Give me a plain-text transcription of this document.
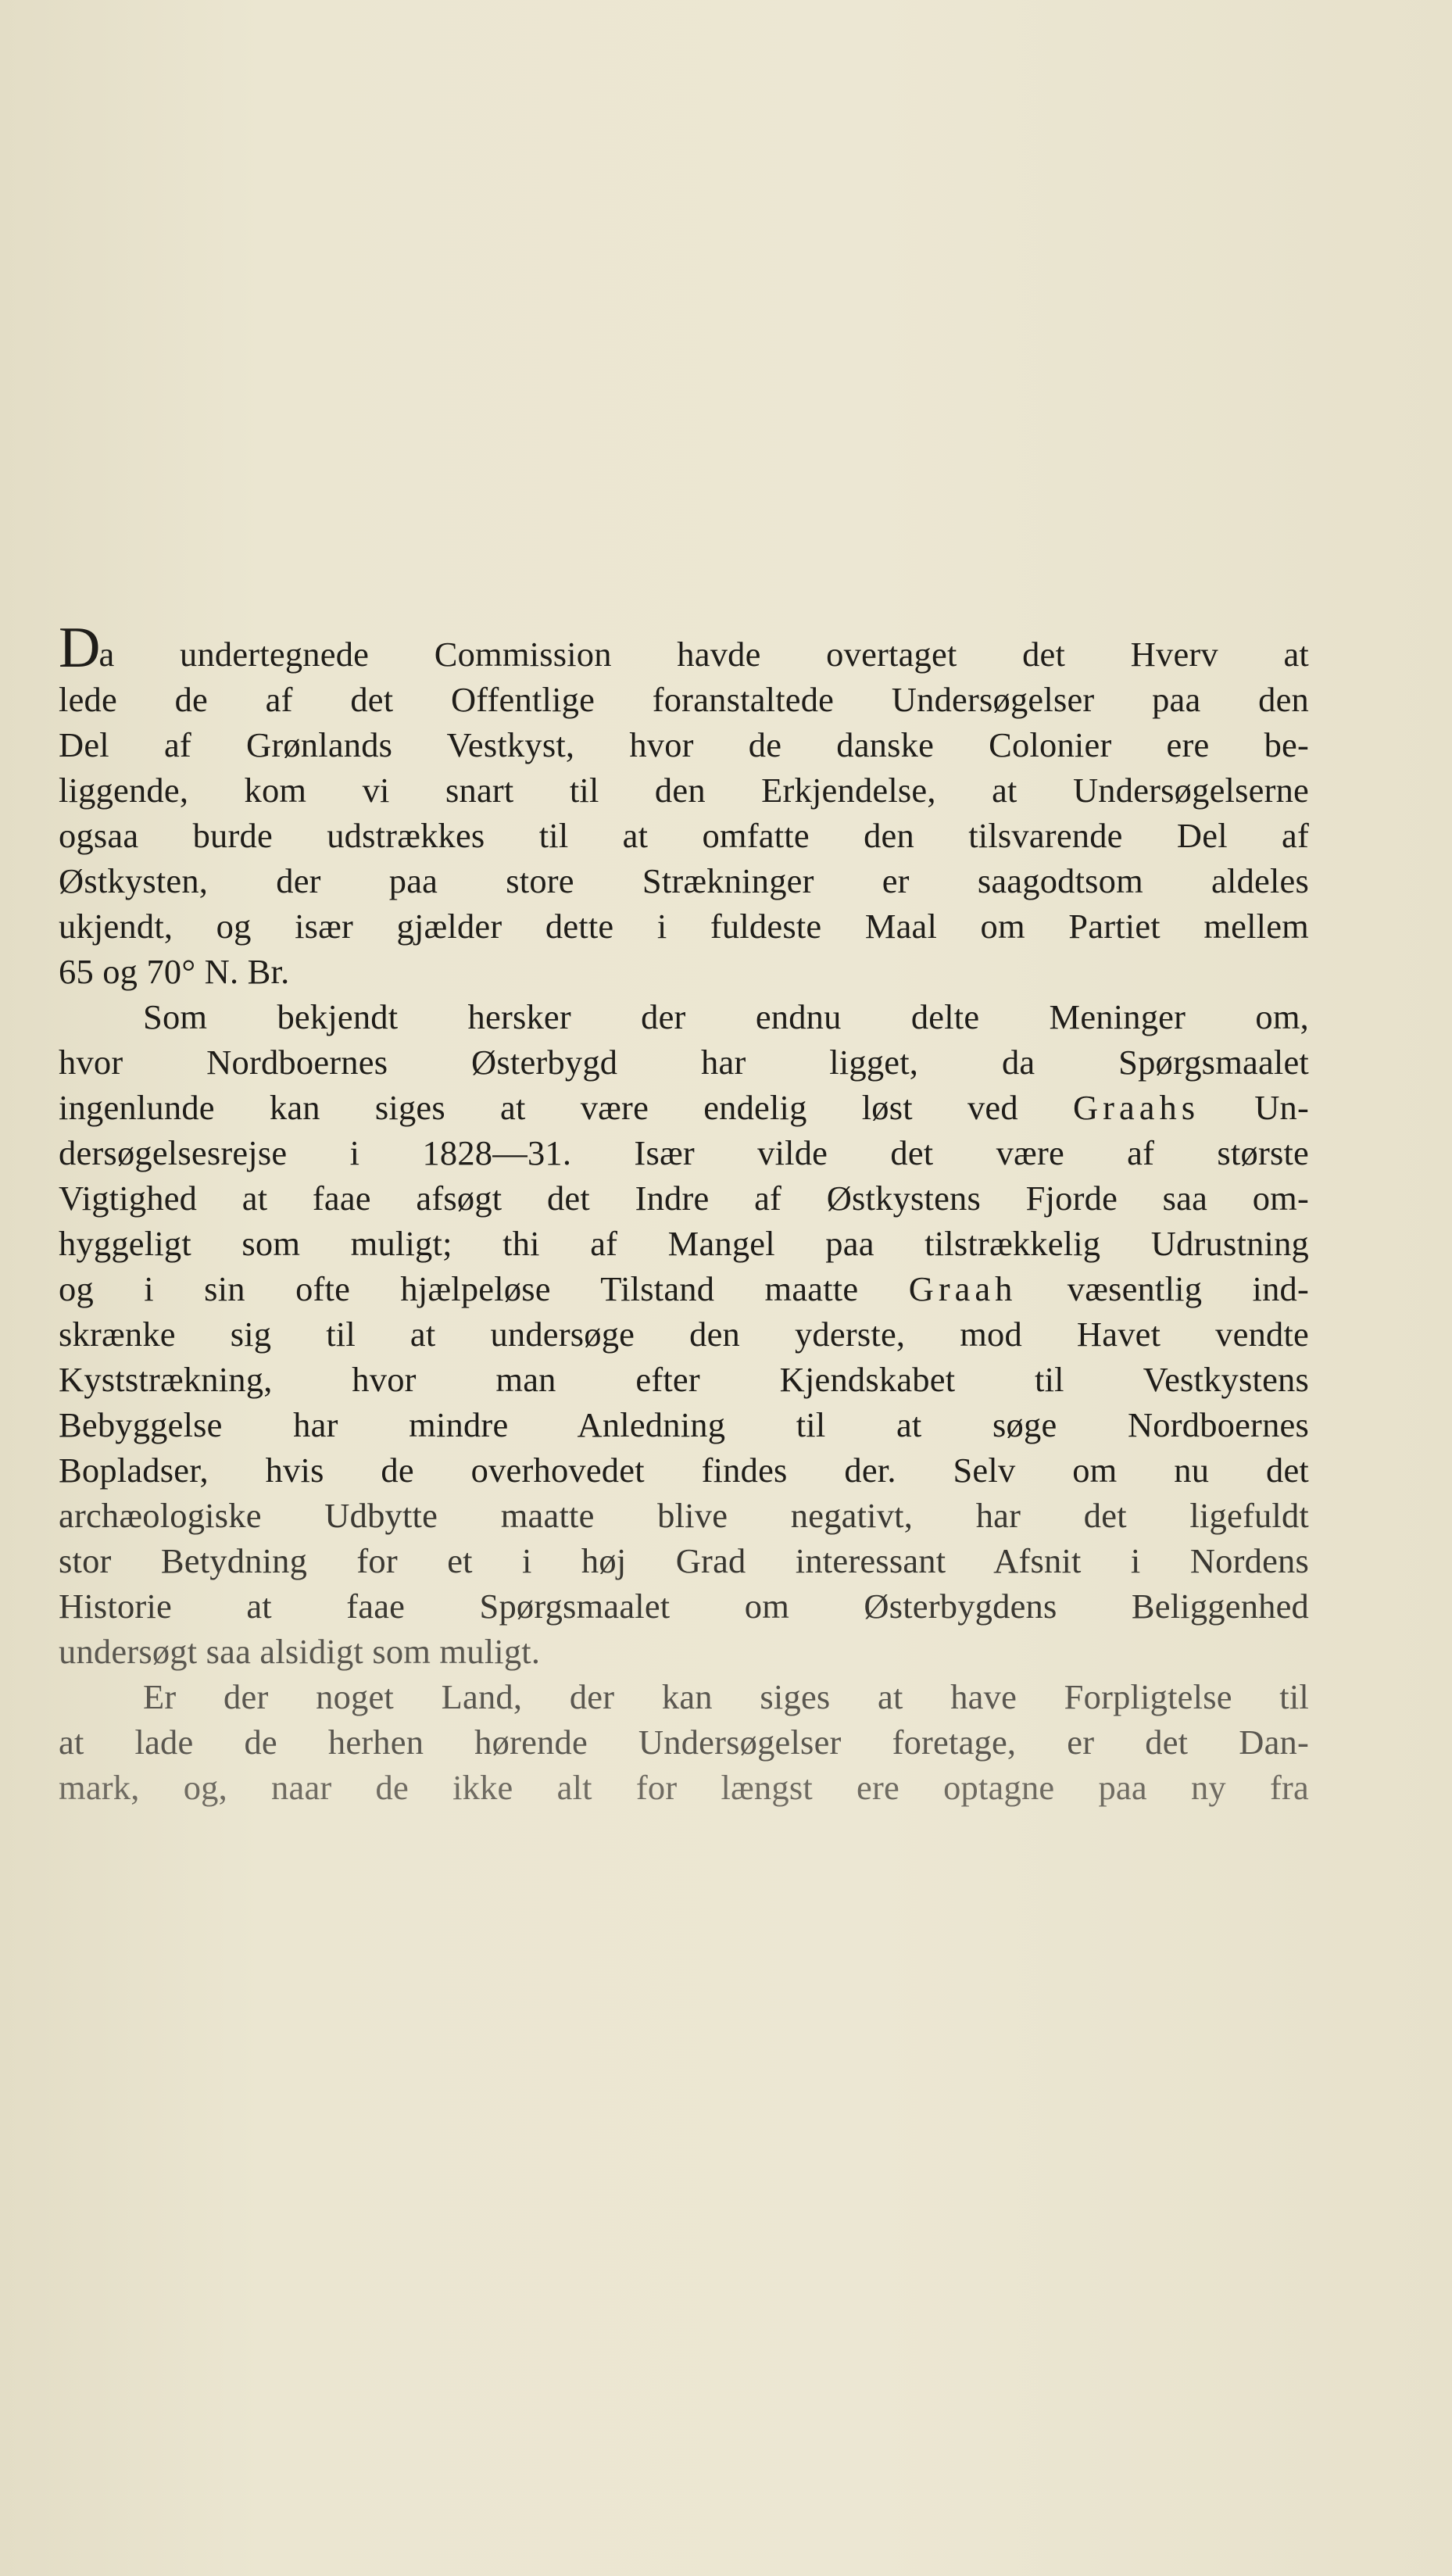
Da undertegnede Commission havde overtaget det Hverv at
lede de af det Offentlige foranstaltede Undersøgelser paa den
Del af Grønlands Vestkyst, hvor de danske Colonier ere be-
liggende, kom vi snart til den Erkjendelse, at Undersøgelserne
ogsaa burde udstrækkes til at omfatte den tilsvarende Del af
Østkysten, der paa store Strækninger er saagodtsom aldeles
ukjendt, og især gjælder dette i fuldeste Maal om Partiet mellem
65 og 70° N. Br.
Som bekjendt hersker der endnu delte Meninger om,
hvor Nordboernes Østerbygd har ligget, da Spørgsmaalet
ingenlunde kan siges at være endelig løst ved Graahs Un-
dersøgelsesrejse i 1828—31. Især vilde det være af største
Vigtighed at faae afsøgt det Indre af Østkystens Fjorde saa om-
hyggeligt som muligt; thi af Mangel paa tilstrækkelig Udrustning
og i sin ofte hjælpeløse Tilstand maatte Graah væsentlig ind-
skrænke sig til at undersøge den yderste, mod Havet vendte
Kyststrækning, hvor man efter Kjendskabet til Vestkystens
Bebyggelse har mindre Anledning til at søge Nordboernes
Bopladser, hvis de overhovedet findes der. Selv om nu det
archæologiske Udbytte maatte blive negativt, har det ligefuldt
stor Betydning for et i høj Grad interessant Afsnit i Nordens
Historie at faae Spørgsmaalet om Østerbygdens Beliggenhed
undersøgt saa alsidigt som muligt.
Er der noget Land, der kan siges at have Forpligtelse til
at lade de herhen hørende Undersøgelser foretage, er det Dan-
mark, og, naar de ikke alt for længst ere optagne paa ny fra
